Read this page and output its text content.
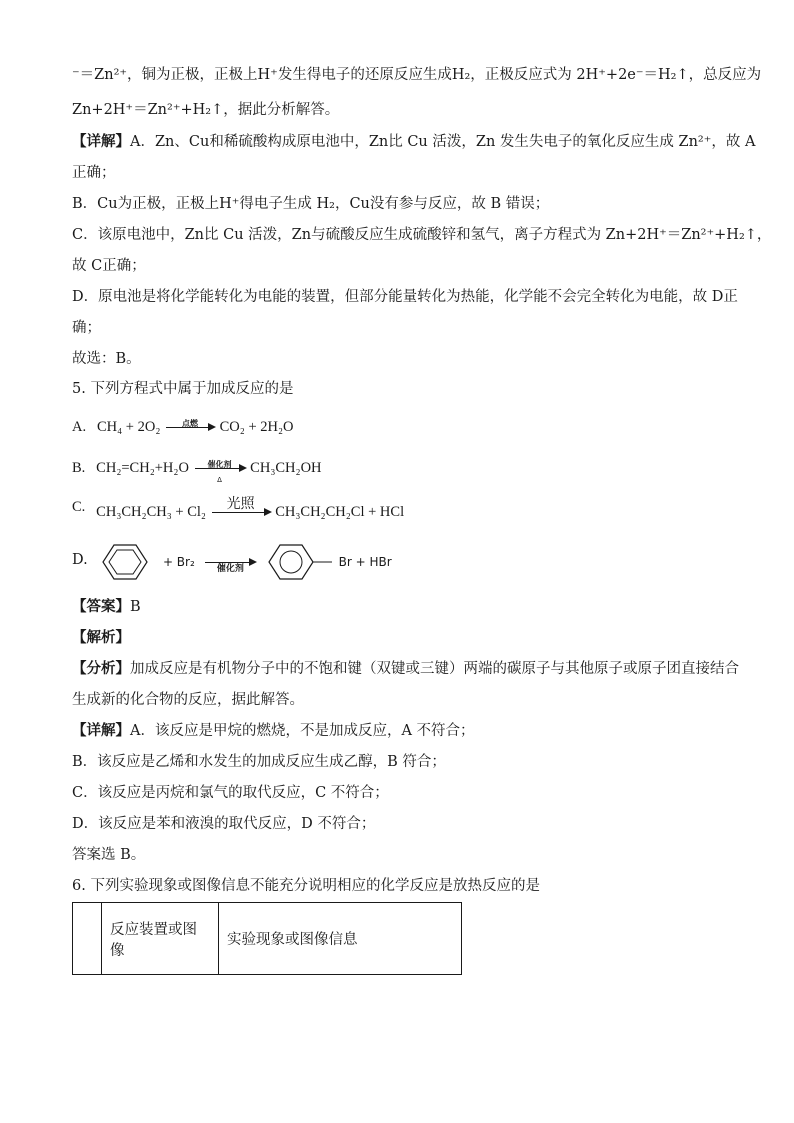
⁻＝Zn²⁺，铜为正极，正极上H⁺发生得电子的还原反应生成H₂，正极反应式为 2H⁺+2e⁻＝H₂↑，总反应为
Zn+2H⁺＝Zn²⁺+H₂↑，据此分析解答。
【详解】A．Zn、Cu和稀硫酸构成原电池中，Zn比 Cu 活泼，Zn 发生失电子的氧化反应生成 Zn²⁺，故 A
正确；
B．Cu为正极，正极上H⁺得电子生成 H₂，Cu没有参与反应，故 B 错误；
C．该原电池中，Zn比 Cu 活泼，Zn与硫酸反应生成硫酸锌和氢气，离子方程式为 Zn+2H⁺＝Zn²⁺+H₂↑，
故 C正确；
D．原电池是将化学能转化为电能的装置，但部分能量转化为热能，化学能不会完全转化为电能，故 D正
确；
故选：B。
5. 下列方程式中属于加成反应的是
A. CH₄ + 2O₂	点燃	CO₂ + 2H₂O
B. CH₂=CH₂+H₂O	催化剂
Δ
CH₃CH₂OH
C. CH₃CH₂CH₃ + Cl₂	光照	CH₃CH₂CH₂Cl + HCl
D.	+ Br₂	催化剂	Br + HBr
【答案】B
【解析】
【分析】加成反应是有机物分子中的不饱和键（双键或三键）两端的碳原子与其他原子或原子团直接结合
生成新的化合物的反应，据此解答。
【详解】A．该反应是甲烷的燃烧，不是加成反应，A 不符合；
B．该反应是乙烯和水发生的加成反应生成乙醇，B 符合；
C．该反应是丙烷和氯气的取代反应，C 不符合；
D．该反应是苯和液溴的取代反应，D 不符合；
答案选 B。
6. 下列实验现象或图像信息不能充分说明相应的化学反应是放热反应的是
	反应装置或图像	实验现象或图像信息
